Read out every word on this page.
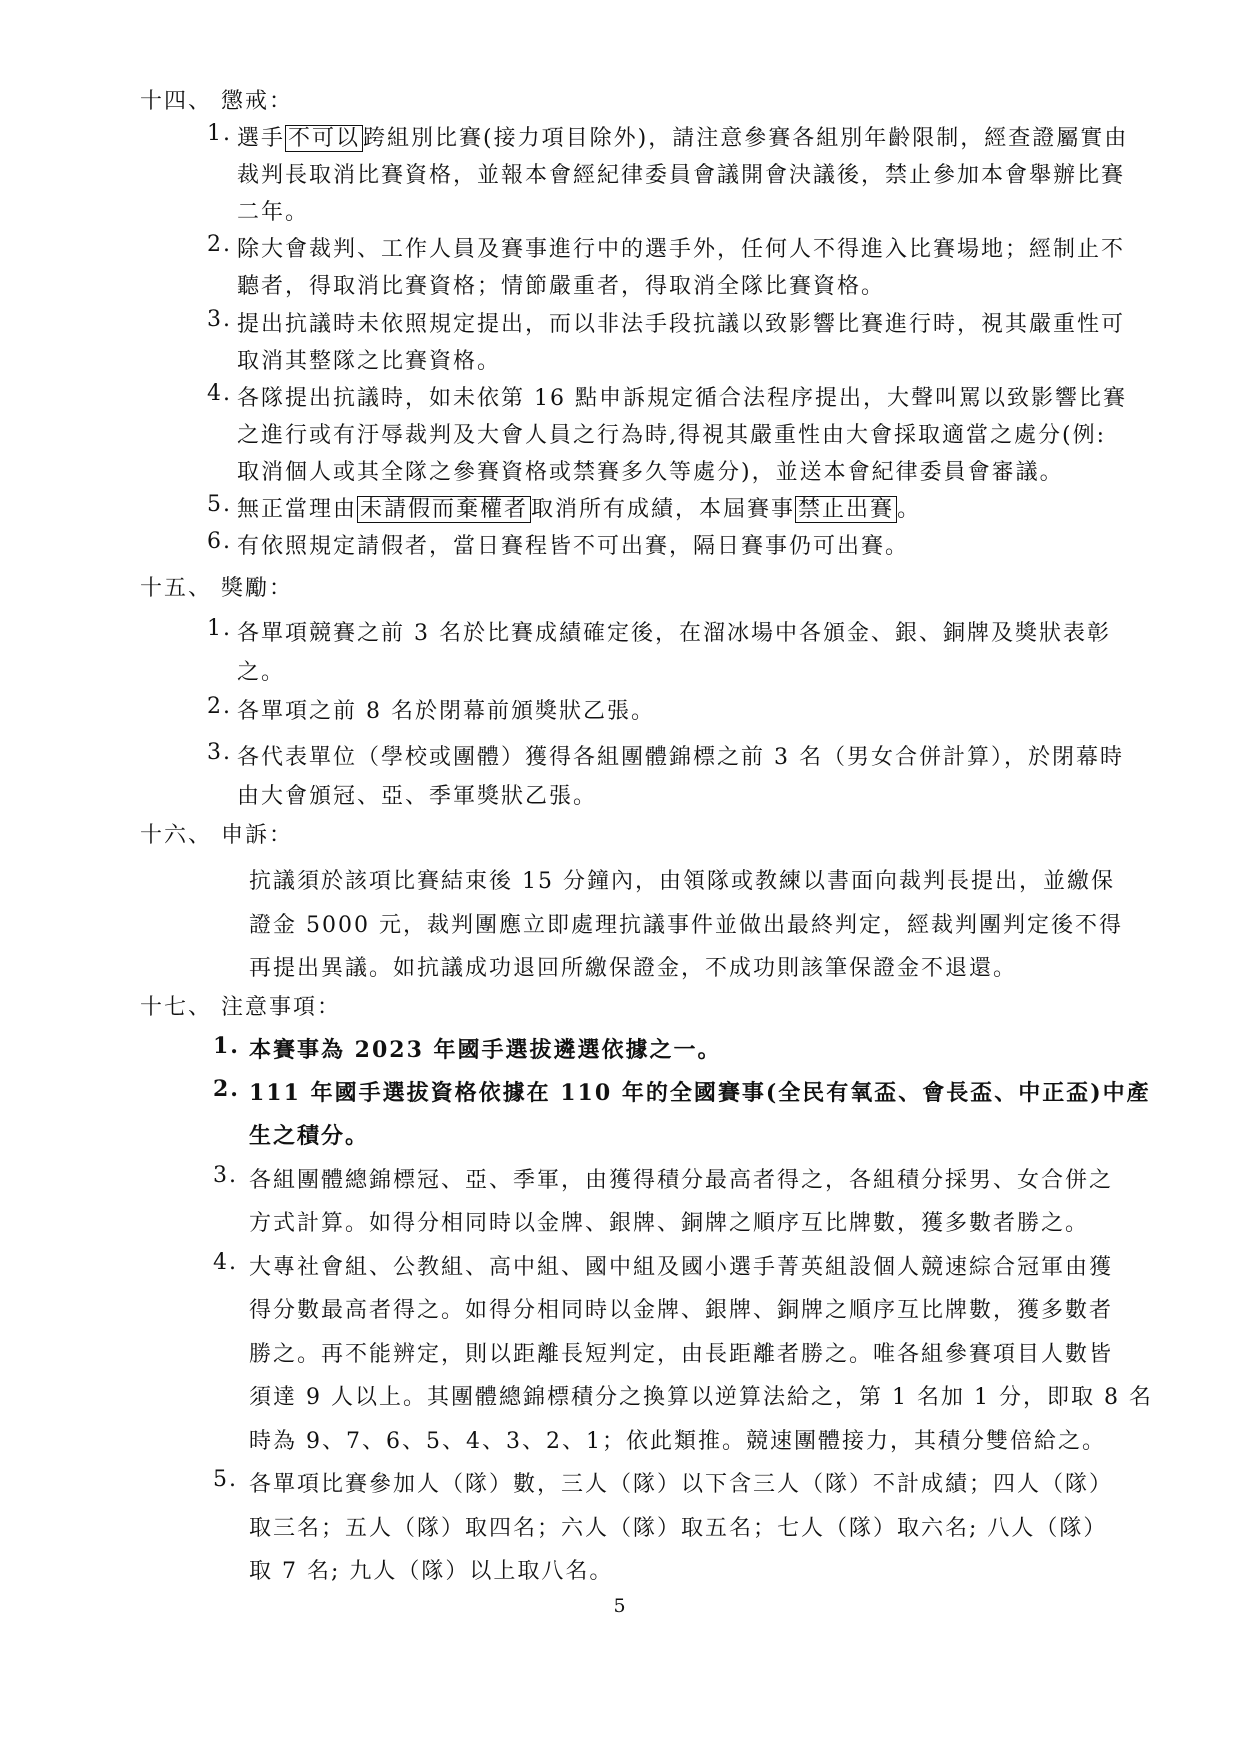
十四、 懲戒：
1. 選手 不可以 跨組別比賽(接力項目除外)，請注意參賽各組別年齡限制，經查證屬實由
裁判長取消比賽資格，並報本會經紀律委員會議開會決議後，禁止參加本會舉辦比賽
二年。
2. 除大會裁判、工作人員及賽事進行中的選手外，任何人不得進入比賽場地；經制止不
聽者，得取消比賽資格；情節嚴重者，得取消全隊比賽資格。
3. 提出抗議時未依照規定提出，而以非法手段抗議以致影響比賽進行時，視其嚴重性可
取消其整隊之比賽資格。
4. 各隊提出抗議時，如未依第 16 點申訴規定循合法程序提出，大聲叫罵以致影響比賽
之進行或有汙辱裁判及大會人員之行為時,得視其嚴重性由大會採取適當之處分(例:
取消個人或其全隊之參賽資格或禁賽多久等處分)，並送本會紀律委員會審議。
5. 無正當理由 未請假而棄權者 取消所有成績，本屆賽事 禁止出賽 。
6. 有依照規定請假者，當日賽程皆不可出賽，隔日賽事仍可出賽。
十五、 獎勵：
1. 各單項競賽之前 3 名於比賽成績確定後，在溜冰場中各頒金、銀、銅牌及獎狀表彰
之。
2. 各單項之前 8 名於閉幕前頒獎狀乙張。
3. 各代表單位（學校或團體）獲得各組團體錦標之前 3 名（男女合併計算），於閉幕時
由大會頒冠、亞、季軍獎狀乙張。
十六、 申訴：
抗議須於該項比賽結束後 15 分鐘內，由領隊或教練以書面向裁判長提出，並繳保
證金 5000 元，裁判團應立即處理抗議事件並做出最終判定，經裁判團判定後不得
再提出異議。如抗議成功退回所繳保證金，不成功則該筆保證金不退還。
十七、 注意事項：
1. 本賽事為 2023 年國手選拔遴選依據之一。
2. 111 年國手選拔資格依據在 110 年的全國賽事(全民有氧盃、會長盃、中正盃)中產
生之積分。
3. 各組團體總錦標冠、亞、季軍，由獲得積分最高者得之，各組積分採男、女合併之
方式計算。如得分相同時以金牌、銀牌、銅牌之順序互比牌數，獲多數者勝之。
4. 大專社會組、公教組、高中組、國中組及國小選手菁英組設個人競速綜合冠軍由獲
得分數最高者得之。如得分相同時以金牌、銀牌、銅牌之順序互比牌數，獲多數者
勝之。再不能辨定，則以距離長短判定，由長距離者勝之。唯各組參賽項目人數皆
須達 9 人以上。其團體總錦標積分之換算以逆算法給之，第 1 名加 1 分，即取 8 名
時為 9、7、6、5、4、3、2、1；依此類推。競速團體接力，其積分雙倍給之。
5. 各單項比賽參加人（隊）數，三人（隊）以下含三人（隊）不計成績；四人（隊）
取三名；五人（隊）取四名；六人（隊）取五名；七人（隊）取六名; 八人（隊）
取 7 名; 九人（隊）以上取八名。
5
